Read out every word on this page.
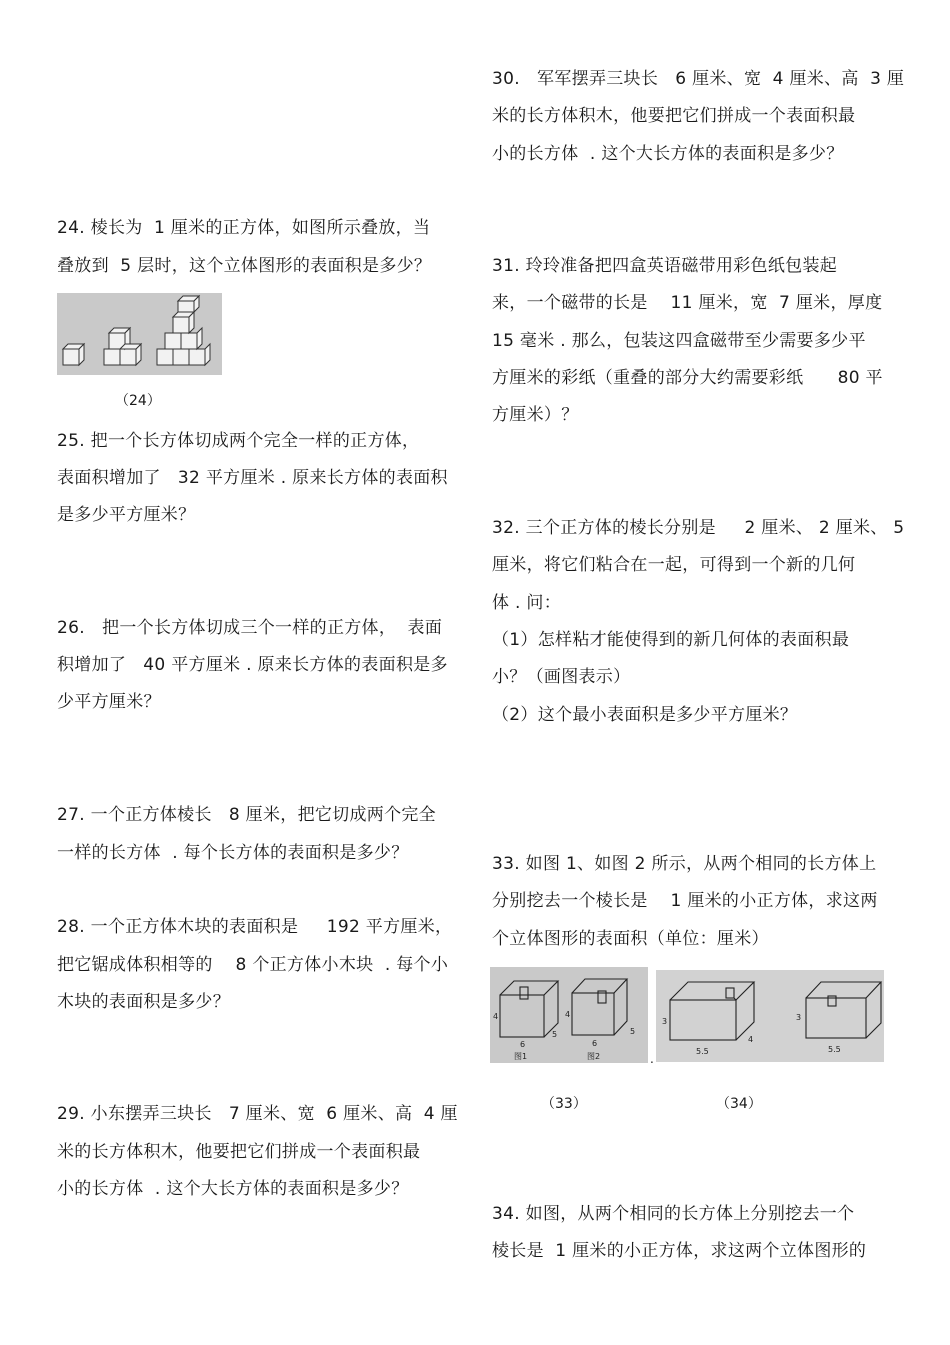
24. 棱长为  1 厘米的正方体，如图所示叠放，当
叠放到  5 层时，这个立体图形的表面积是多少？
（24）
25. 把一个长方体切成两个完全一样的正方体，
表面积增加了   32 平方厘米 . 原来长方体的表面积
是多少平方厘米？
26.   把一个长方体切成三个一样的正方体，  表面
积增加了   40 平方厘米 . 原来长方体的表面积是多
少平方厘米？
27. 一个正方体棱长   8 厘米，把它切成两个完全
一样的长方体  . 每个长方体的表面积是多少？
28. 一个正方体木块的表面积是     192 平方厘米，
把它锯成体积相等的    8 个正方体小木块  . 每个小
木块的表面积是多少？
29. 小东摆弄三块长   7 厘米、宽  6 厘米、高  4 厘
米的长方体积木，他要把它们拼成一个表面积最
小的长方体  . 这个大长方体的表面积是多少？
30.   军军摆弄三块长   6 厘米、宽  4 厘米、高  3 厘
米的长方体积木，他要把它们拼成一个表面积最
小的长方体  . 这个大长方体的表面积是多少？
31. 玲玲准备把四盒英语磁带用彩色纸包装起
来，一个磁带的长是    11 厘米，宽  7 厘米，厚度
15 毫米 . 那么，包装这四盒磁带至少需要多少平
方厘米的彩纸（重叠的部分大约需要彩纸      80 平
方厘米）？
32. 三个正方体的棱长分别是     2 厘米、 2 厘米、 5
厘米，将它们粘合在一起，可得到一个新的几何
体 . 问：
（1）怎样粘才能使得到的新几何体的表面积最
小？（画图表示）
（2）这个最小表面积是多少平方厘米？
33. 如图 1、如图 2 所示，从两个相同的长方体上
分别挖去一个棱长是    1 厘米的小正方体，求这两
个立体图形的表面积（单位：厘米）
4
6
5
图1
4
6
5
图2	.
3
4
5.5
3
5.5
（33）	（34）
34. 如图，从两个相同的长方体上分别挖去一个
棱长是  1 厘米的小正方体，求这两个立体图形的
